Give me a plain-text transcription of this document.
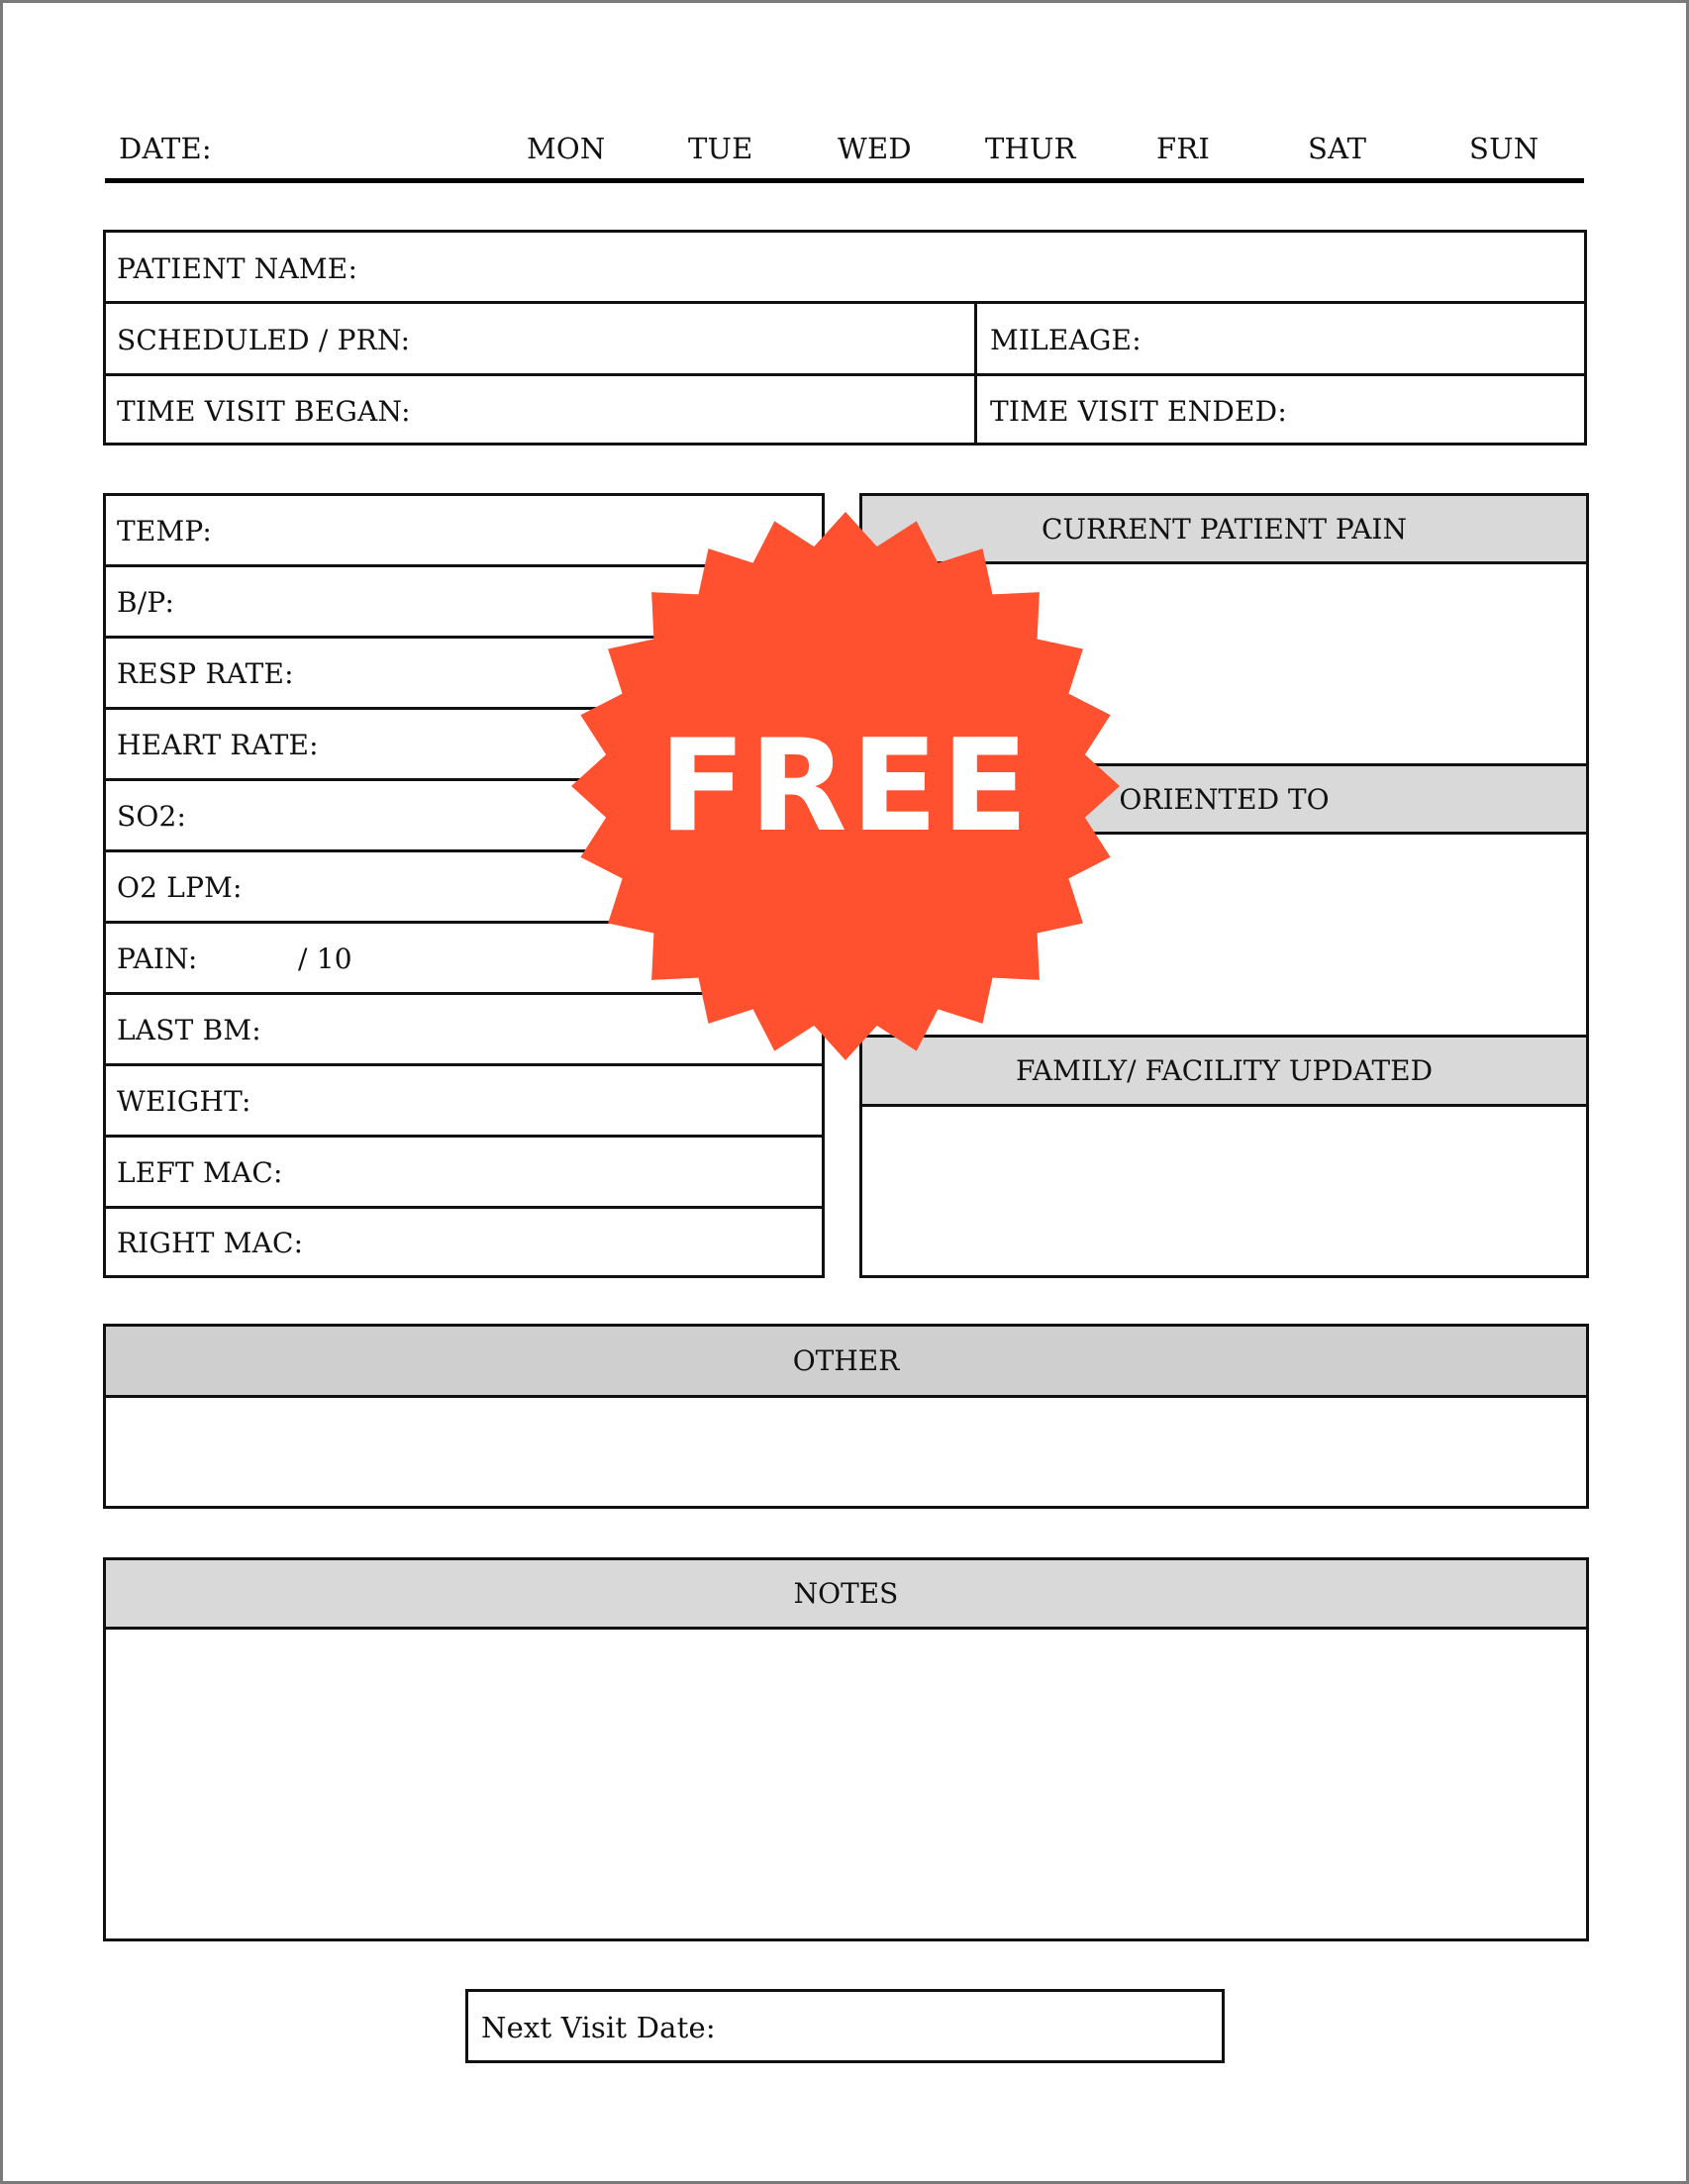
DATE:	MON	TUE	WED	THUR	FRI	SAT	SUN
PATIENT NAME:
SCHEDULED / PRN:	MILEAGE:
TIME VISIT BEGAN:	TIME VISIT ENDED:
TEMP:
B/P:
RESP RATE:
HEART RATE:
SO2:
O2 LPM:
PAIN:	/ 10
LAST BM:
WEIGHT:
LEFT MAC:
RIGHT MAC:
CURRENT PATIENT PAIN
ORIENTED TO
FAMILY/ FACILITY UPDATED
OTHER
NOTES
Next Visit Date:
FREE
